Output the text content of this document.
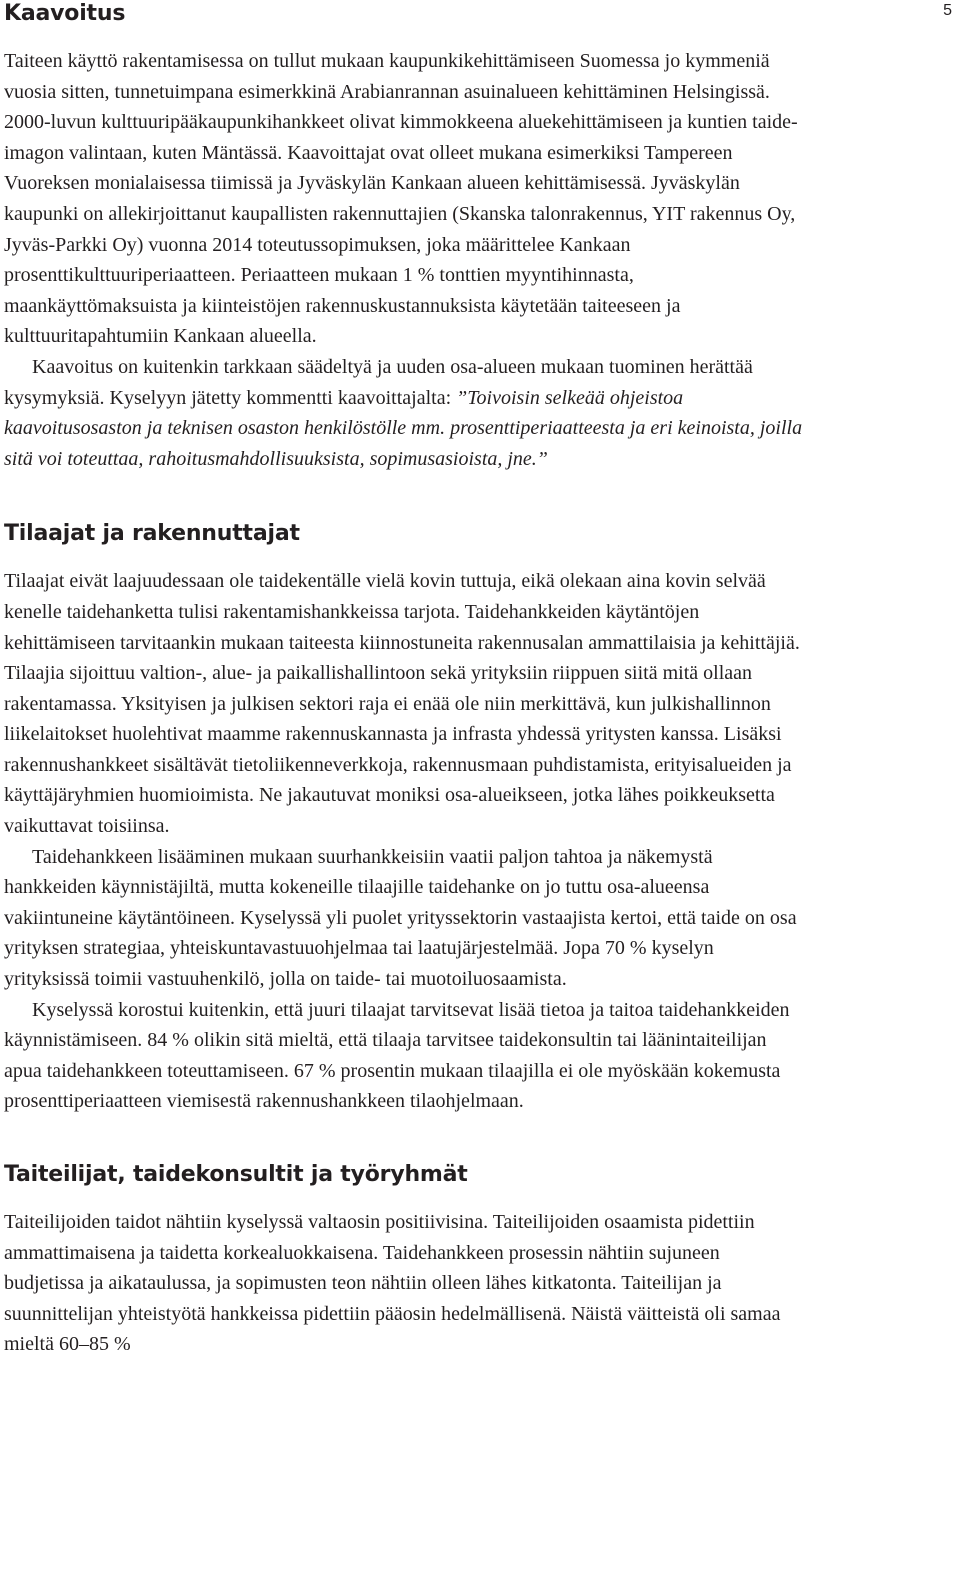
5
Kaavoitus

Taiteen käyttö rakentamisessa on tullut mukaan kaupunkikehittämiseen Suomessa jo kymmeniä vuosia sitten, tunnetuimpana esimerkkinä Arabianrannan asuinalueen kehittäminen Helsingissä. 2000-luvun kulttuuripääkaupunkihankkeet olivat kimmokkeena aluekehittämiseen ja kuntien taide-imagon valintaan, kuten Mäntässä. Kaavoittajat ovat olleet mukana esimerkiksi Tampereen Vuoreksen monialaisessa tiimissä ja Jyväskylän Kankaan alueen kehittämisessä. Jyväskylän kaupunki on allekirjoittanut kaupallisten rakennuttajien (Skanska talonrakennus, YIT rakennus Oy, Jyväs-Parkki Oy) vuonna 2014 toteutussopimuksen, joka määrittelee Kankaan prosenttikulttuuriperiaatteen. Periaatteen mukaan 1 % tonttien myyntihinnasta, maankäyttömaksuista ja kiinteistöjen rakennuskustannuksista käytetään taiteeseen ja kulttuuritapahtumiin Kankaan alueella.

Kaavoitus on kuitenkin tarkkaan säädeltyä ja uuden osa-alueen mukaan tuominen herättää kysymyksiä. Kyselyyn jätetty kommentti kaavoittajalta: ”Toivoisin selkeää ohjeistoa kaavoitusosaston ja teknisen osaston henkilöstölle mm. prosenttiperiaatteesta ja eri keinoista, joilla sitä voi toteuttaa, rahoitusmahdollisuuksista, sopimusasioista, jne.”

Tilaajat ja rakennuttajat

Tilaajat eivät laajuudessaan ole taidekentälle vielä kovin tuttuja, eikä olekaan aina kovin selvää kenelle taidehanketta tulisi rakentamishankkeissa tarjota. Taidehankkeiden käytäntöjen kehittämiseen tarvitaankin mukaan taiteesta kiinnostuneita rakennusalan ammattilaisia ja kehittäjiä. Tilaajia sijoittuu valtion-, alue- ja paikallishallintoon sekä yrityksiin riippuen siitä mitä ollaan rakentamassa. Yksityisen ja julkisen sektori raja ei enää ole niin merkittävä, kun julkishallinnon liikelaitokset huolehtivat maamme rakennuskannasta ja infrasta yhdessä yritysten kanssa. Lisäksi rakennushankkeet sisältävät tietoliikenneverkkoja, rakennusmaan puhdistamista, erityisalueiden ja käyttäjäryhmien huomioimista. Ne jakautuvat moniksi osa-alueikseen, jotka lähes poikkeuksetta vaikuttavat toisiinsa.

Taidehankkeen lisääminen mukaan suurhankkeisiin vaatii paljon tahtoa ja näkemystä hankkeiden käynnistäjiltä, mutta kokeneille tilaajille taidehanke on jo tuttu osa-alueensa vakiintuneine käytäntöineen. Kyselyssä yli puolet yrityssektorin vastaajista kertoi, että taide on osa yrityksen strategiaa, yhteiskuntavastuuohjelmaa tai laatujärjestelmää. Jopa 70 % kyselyn yrityksissä toimii vastuuhenkilö, jolla on taide- tai muotoiluosaamista.

Kyselyssä korostui kuitenkin, että juuri tilaajat tarvitsevat lisää tietoa ja taitoa taidehankkeiden käynnistämiseen. 84 % olikin sitä mieltä, että tilaaja tarvitsee taidekonsultin tai läänintaiteilijan apua taidehankkeen toteuttamiseen. 67 % prosentin mukaan tilaajilla ei ole myöskään kokemusta prosenttiperiaatteen viemisestä rakennushankkeen tilaohjelmaan.

Taiteilijat, taidekonsultit ja työryhmät

Taiteilijoiden taidot nähtiin kyselyssä valtaosin positiivisina. Taiteilijoiden osaamista pidettiin ammattimaisena ja taidetta korkealuokkaisena. Taidehankkeen prosessin nähtiin sujuneen budjetissa ja aikataulussa, ja sopimusten teon nähtiin olleen lähes kitkatonta. Taiteilijan ja suunnittelijan yhteistyötä hankkeissa pidettiin pääosin hedelmällisenä. Näistä väitteistä oli samaa mieltä 60–85 %
